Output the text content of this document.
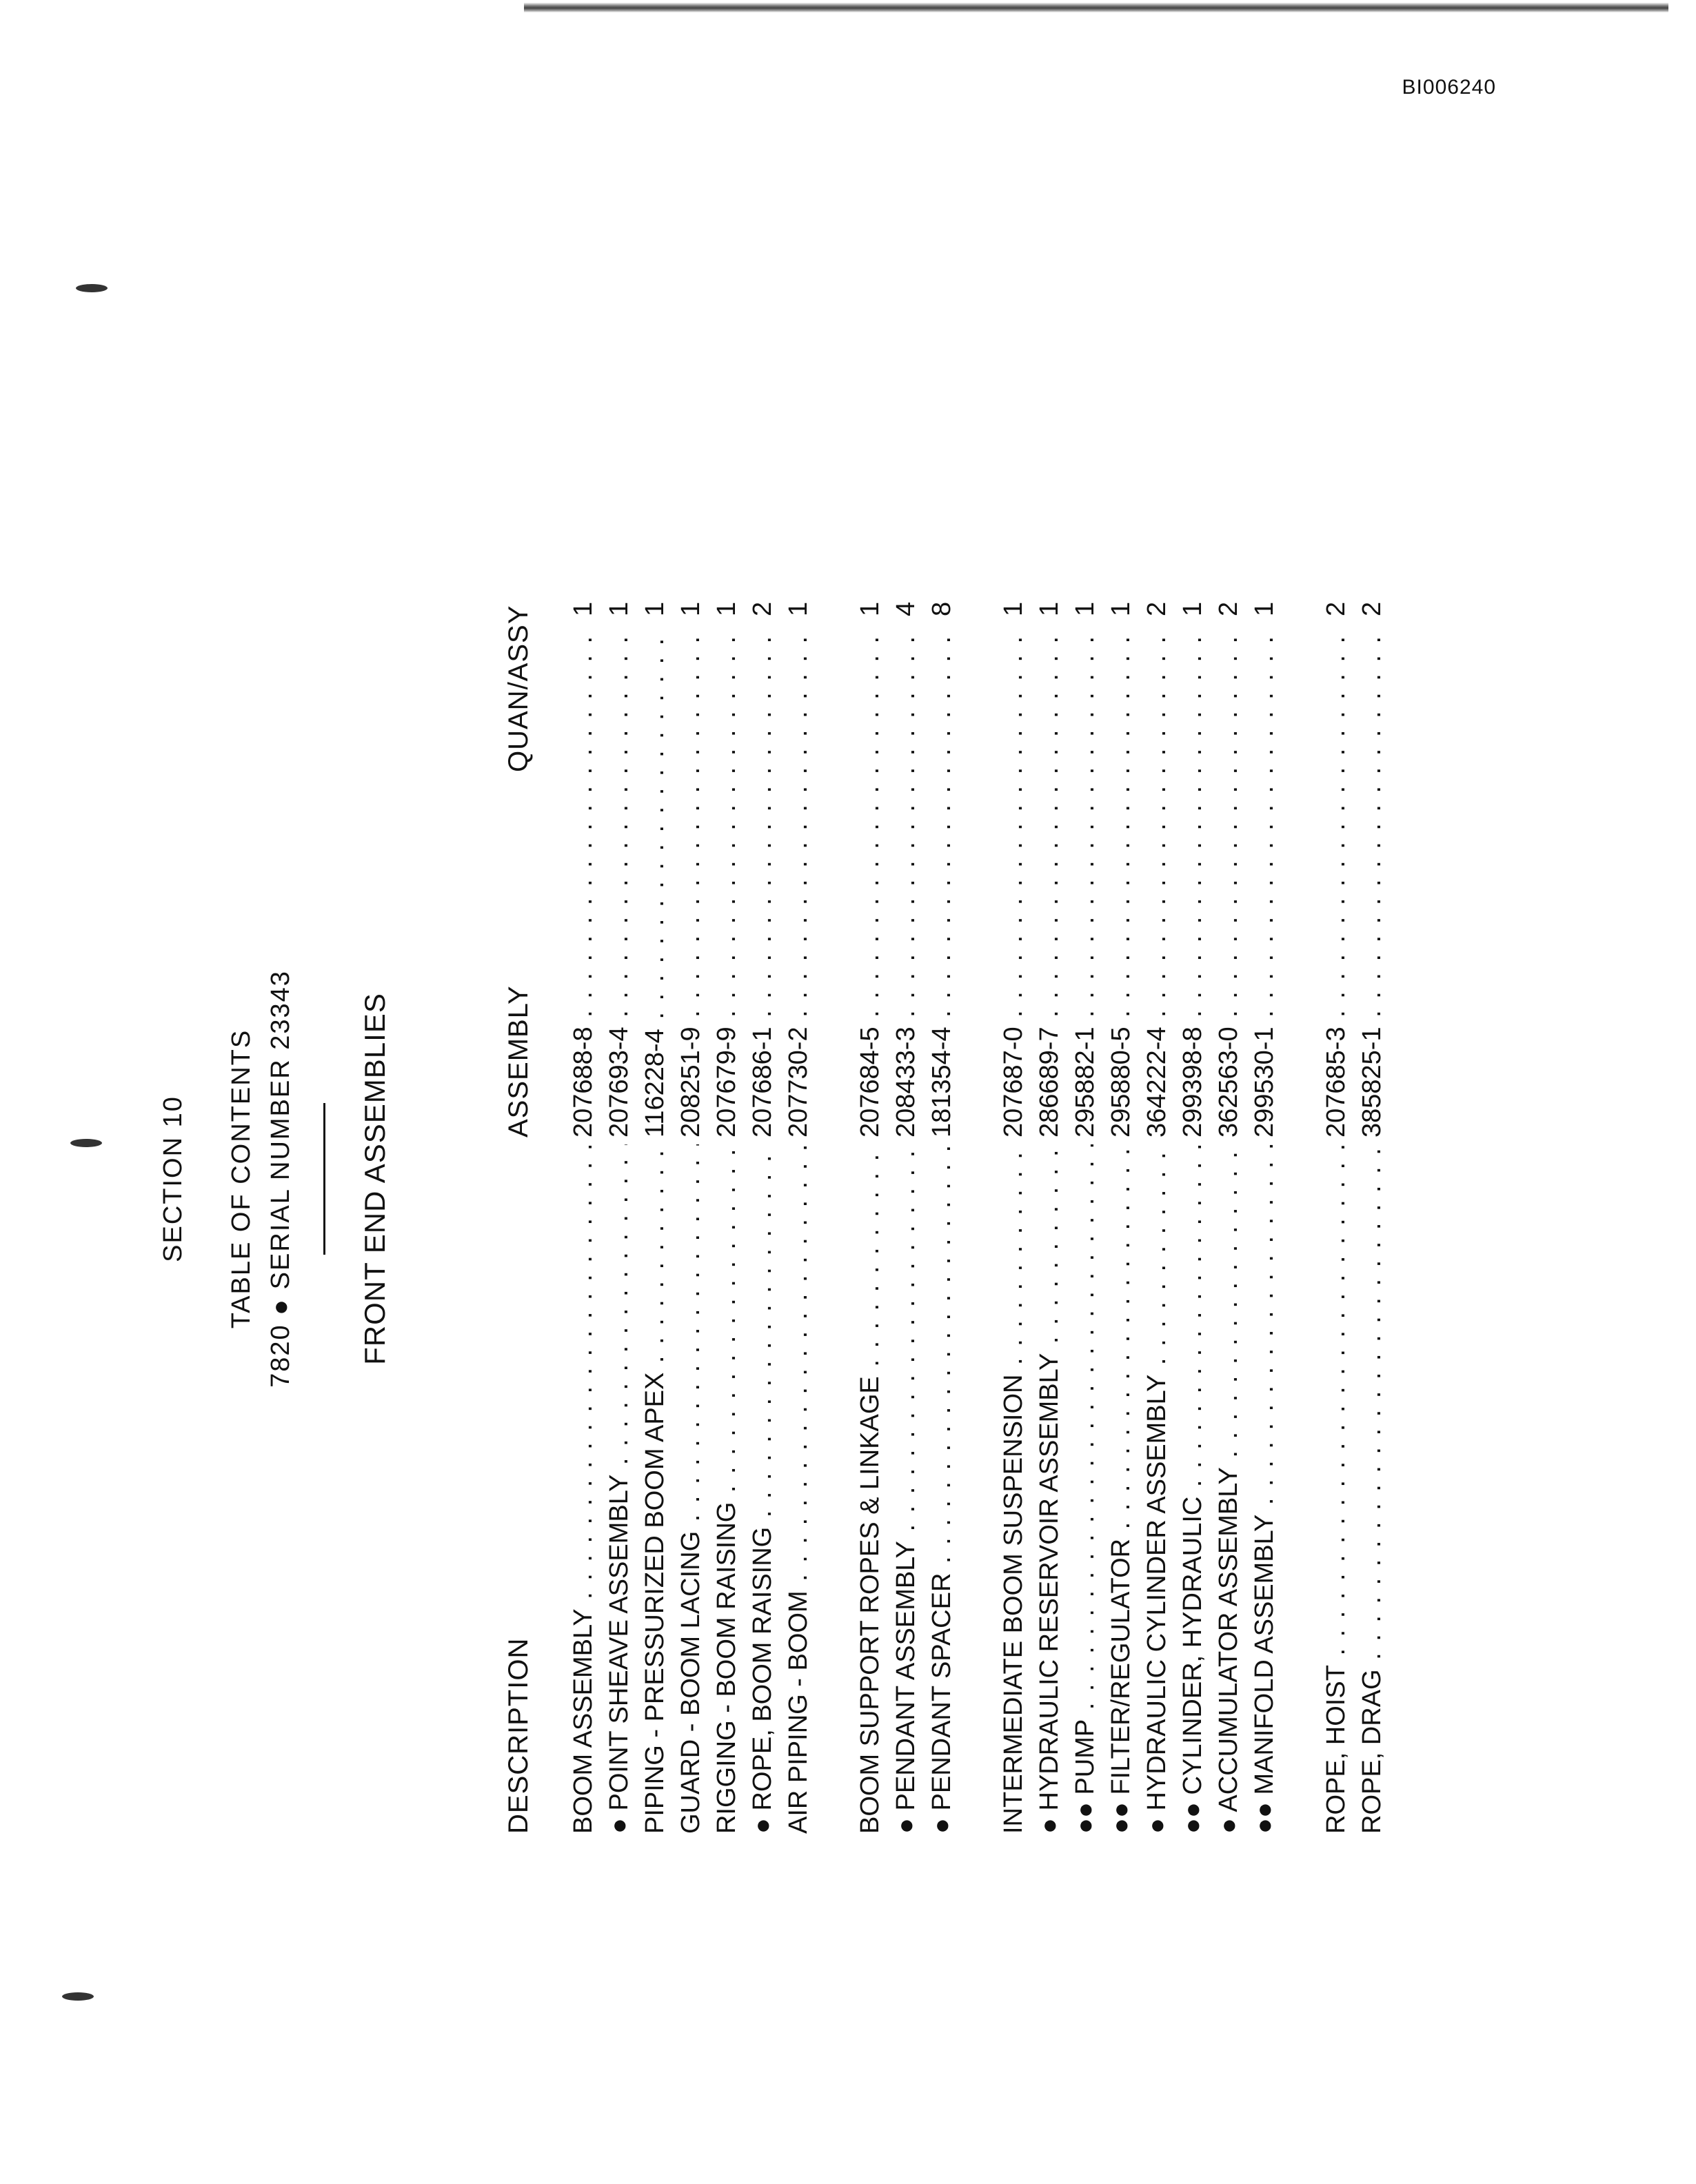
BI006240
SECTION 10 TABLE OF CONTENTS 7820 ● SERIAL NUMBER 23343 FRONT END ASSEMBLIES
DESCRIPTION
ASSEMBLY
QUAN/ASSY
BOOM ASSEMBLY . . .
207688-8 . . .
1
● POINT SHEAVE ASSEMBLY . . .
207693-4 . . .
1
PIPING - PRESSURIZED BOOM APEX . . .
116228-4 . . .
1
GUARD - BOOM LACING . . .
208251-9 . . .
1
RIGGING - BOOM RAISING . . .
207679-9 . . .
1
● ROPE, BOOM RAISING . . .
207686-1 . . .
2
AIR PIPING - BOOM . . .
207730-2 . . .
1
BOOM SUPPORT ROPES & LINKAGE . . .
207684-5 . . .
1
● PENDANT ASSEMBLY . . .
208433-3 . . .
4
● PENDANT SPACER . . .
181354-4 . . .
8
INTERMEDIATE BOOM SUSPENSION . . .
207687-0 . . .
1
● HYDRAULIC RESERVOIR ASSEMBLY . . .
286689-7 . . .
1
●● PUMP . . .
295882-1 . . .
1
●● FILTER/REGULATOR . . .
295880-5 . . .
1
● HYDRAULIC CYLINDER ASSEMBLY . . .
364222-4 . . .
2
●● CYLINDER, HYDRAULIC . . .
299398-8 . . .
1
● ACCUMULATOR ASSEMBLY . . .
362563-0 . . .
2
●● MANIFOLD ASSEMBLY . . .
299530-1 . . .
1
ROPE, HOIST . . .
207685-3 . . .
2
ROPE, DRAG . . .
385825-1 . . .
2
